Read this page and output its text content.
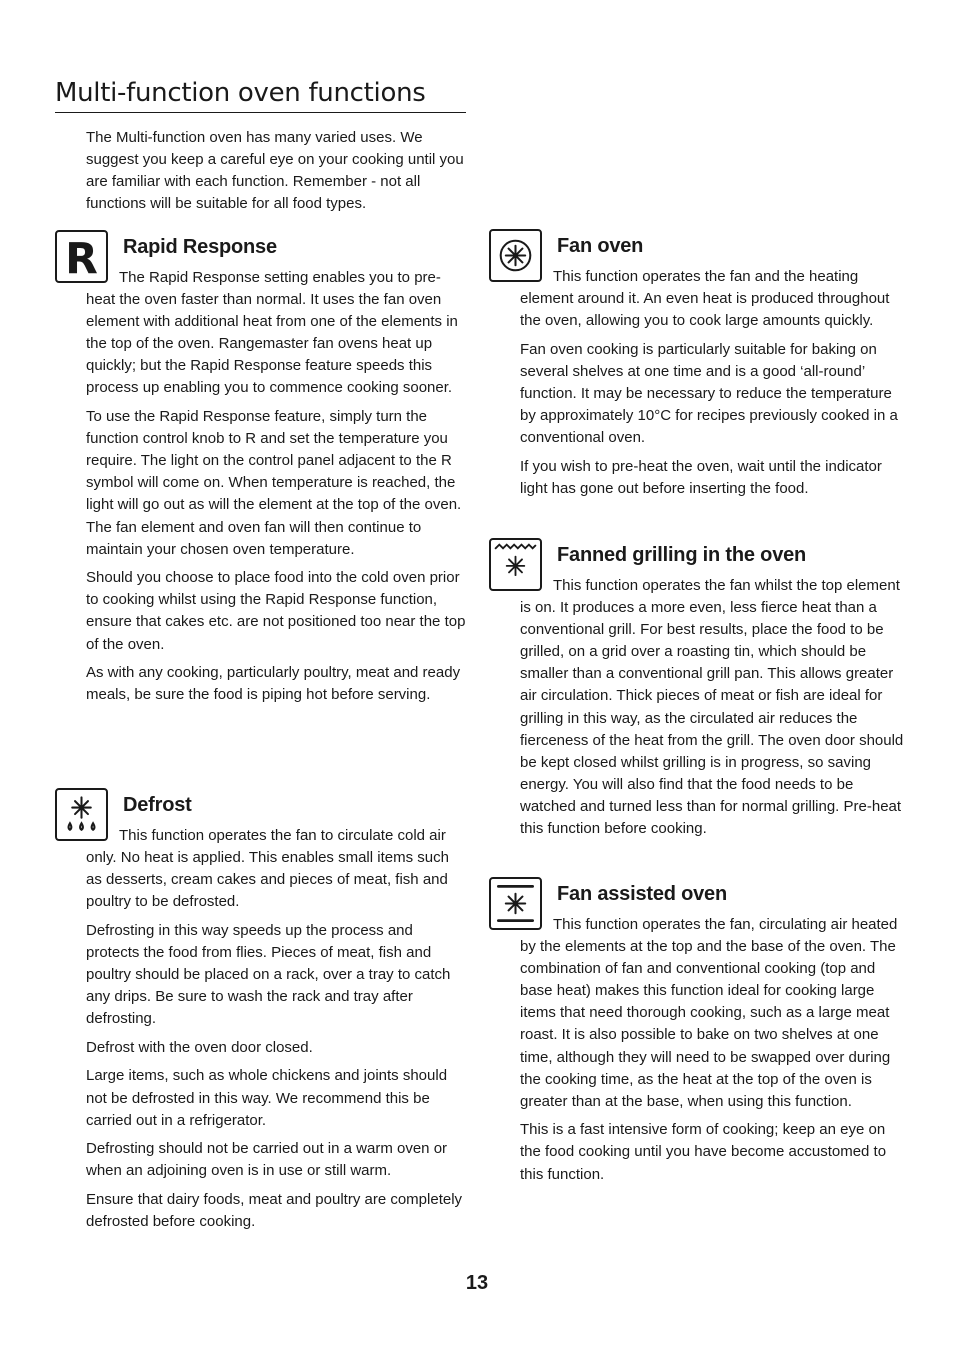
Multi-function oven functions

The Multi-function oven has many varied uses. We suggest you keep a careful eye on your cooking until you are familiar with each function. Remember - not all functions will be suitable for all food types.

R Rapid Response

The Rapid Response setting enables you to pre-heat the oven faster than normal. It uses the fan oven element with additional heat from one of the elements in the top of the oven. Rangemaster fan ovens heat up quickly; but the Rapid Response feature speeds this process up enabling you to commence cooking sooner.

To use the Rapid Response feature, simply turn the function control knob to R and set the temperature you require. The light on the control panel adjacent to the R symbol will come on. When temperature is reached, the light will go out as will the element at the top of the oven. The fan element and oven fan will then continue to maintain your chosen oven temperature.

Should you choose to place food into the cold oven prior to cooking whilst using the Rapid Response function, ensure that cakes etc. are not positioned too near the top of the oven.

As with any cooking, particularly poultry, meat and ready meals, be sure the food is piping hot before serving.

Defrost

This function operates the fan to circulate cold air only. No heat is applied. This enables small items such as desserts, cream cakes and pieces of meat, fish and poultry to be defrosted.

Defrosting in this way speeds up the process and protects the food from flies. Pieces of meat, fish and poultry should be placed on a rack, over a tray to catch any drips. Be sure to wash the rack and tray after defrosting.

Defrost with the oven door closed.

Large items, such as whole chickens and joints should not be defrosted in this way. We recommend this be carried out in a refrigerator.

Defrosting should not be carried out in a warm oven or when an adjoining oven is in use or still warm.

Ensure that dairy foods, meat and poultry are completely defrosted before cooking.

Fan oven

This function operates the fan and the heating element around it. An even heat is produced throughout the oven, allowing you to cook large amounts quickly.

Fan oven cooking is particularly suitable for baking on several shelves at one time and is a good ‘all-round’ function. It may be necessary to reduce the temperature by approximately 10°C for recipes previously cooked in a conventional oven.

If you wish to pre-heat the oven, wait until the indicator light has gone out before inserting the food.

Fanned grilling in the oven

This function operates the fan whilst the top element is on. It produces a more even, less fierce heat than a conventional grill. For best results, place the food to be grilled, on a grid over a roasting tin, which should be smaller than a conventional grill pan. This allows greater air circulation. Thick pieces of meat or fish are ideal for grilling in this way, as the circulated air reduces the fierceness of the heat from the grill. The oven door should be kept closed whilst grilling is in progress, so saving energy. You will also find that the food needs to be watched and turned less than for normal grilling. Pre-heat this function before cooking.

Fan assisted oven

This function operates the fan, circulating air heated by the elements at the top and the base of the oven. The combination of fan and conventional cooking (top and base heat) makes this function ideal for cooking large items that need thorough cooking, such as a large meat roast. It is also possible to bake on two shelves at one time, although they will need to be swapped over during the cooking time, as the heat at the top of the oven is greater than at the base, when using this function.

This is a fast intensive form of cooking; keep an eye on the food cooking until you have become accustomed to this function.

13
